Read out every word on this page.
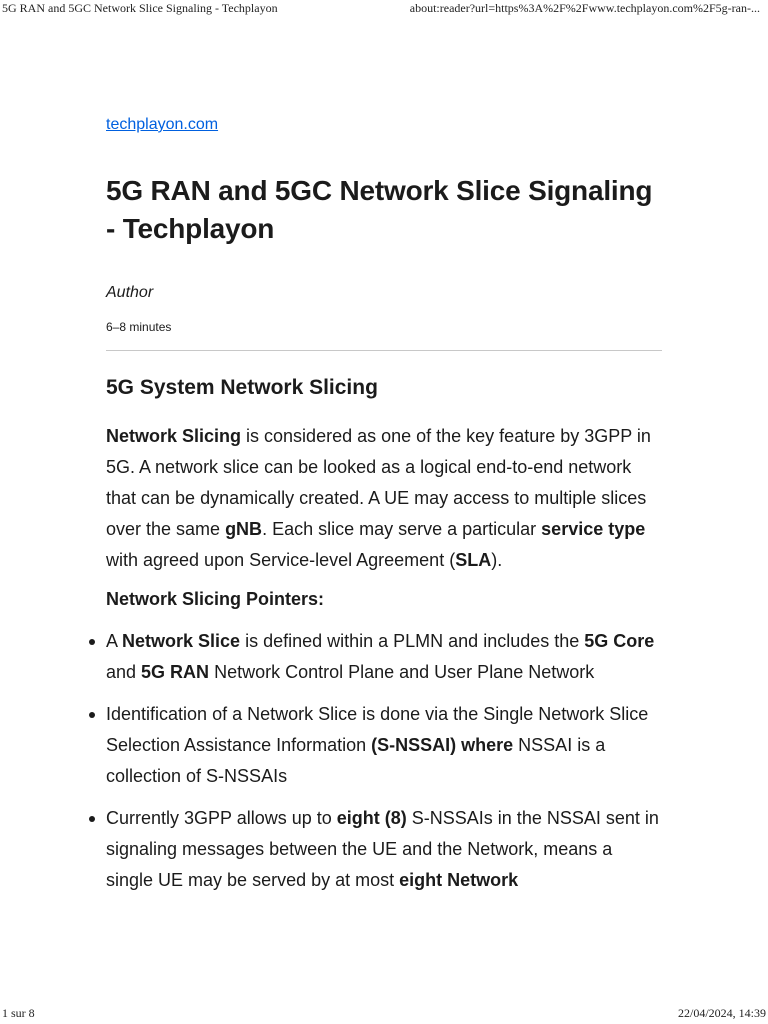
5G RAN and 5GC Network Slice Signaling - Techplayon	about:reader?url=https%3A%2F%2Fwww.techplayon.com%2F5g-ran-...
techplayon.com
5G RAN and 5GC Network Slice Signaling - Techplayon
Author
6–8 minutes
5G System Network Slicing

Network Slicing is considered as one of the key feature by 3GPP in 5G. A network slice can be looked as a logical end-to-end network that can be dynamically created. A UE may access to multiple slices over the same gNB. Each slice may serve a particular service type with agreed upon Service-level Agreement (SLA).

Network Slicing Pointers:

A Network Slice is defined within a PLMN and includes the 5G Core and 5G RAN Network Control Plane and User Plane Network
Identification of a Network Slice is done via the Single Network Slice Selection Assistance Information (S-NSSAI) where NSSAI is a collection of S-NSSAIs
Currently 3GPP allows up to eight (8) S-NSSAIs in the NSSAI sent in signaling messages between the UE and the Network, means a single UE may be served by at most eight Network
1 sur 8	22/04/2024, 14:39
